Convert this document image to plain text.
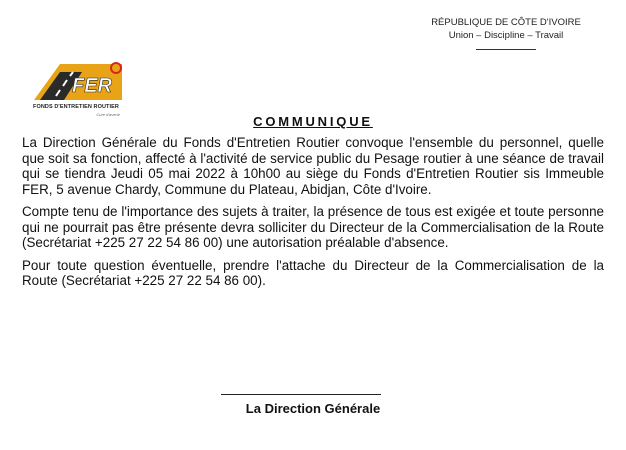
RÉPUBLIQUE DE CÔTE D'IVOIRE
Union – Discipline – Travail
FER
FONDS D'ENTRETIEN ROUTIER
Cure d'avenir	COMMUNIQUE

La Direction Générale du Fonds d'Entretien Routier convoque l'ensemble du personnel, quelle que soit sa fonction, affecté à l'activité de service public du Pesage routier à une séance de travail qui se tiendra Jeudi 05 mai 2022 à 10h00 au siège du Fonds d'Entretien Routier sis Immeuble FER, 5 avenue Chardy, Commune du Plateau, Abidjan, Côte d'Ivoire.

Compte tenu de l'importance des sujets à traiter, la présence de tous est exigée et toute personne qui ne pourrait pas être présente devra solliciter du Directeur de la Commercialisation de la Route (Secrétariat +225 27 22 54 86 00) une autorisation préalable d'absence.

Pour toute question éventuelle, prendre l'attache du Directeur de la Commercialisation de la Route (Secrétariat +225 27 22 54 86 00).

La Direction Générale
